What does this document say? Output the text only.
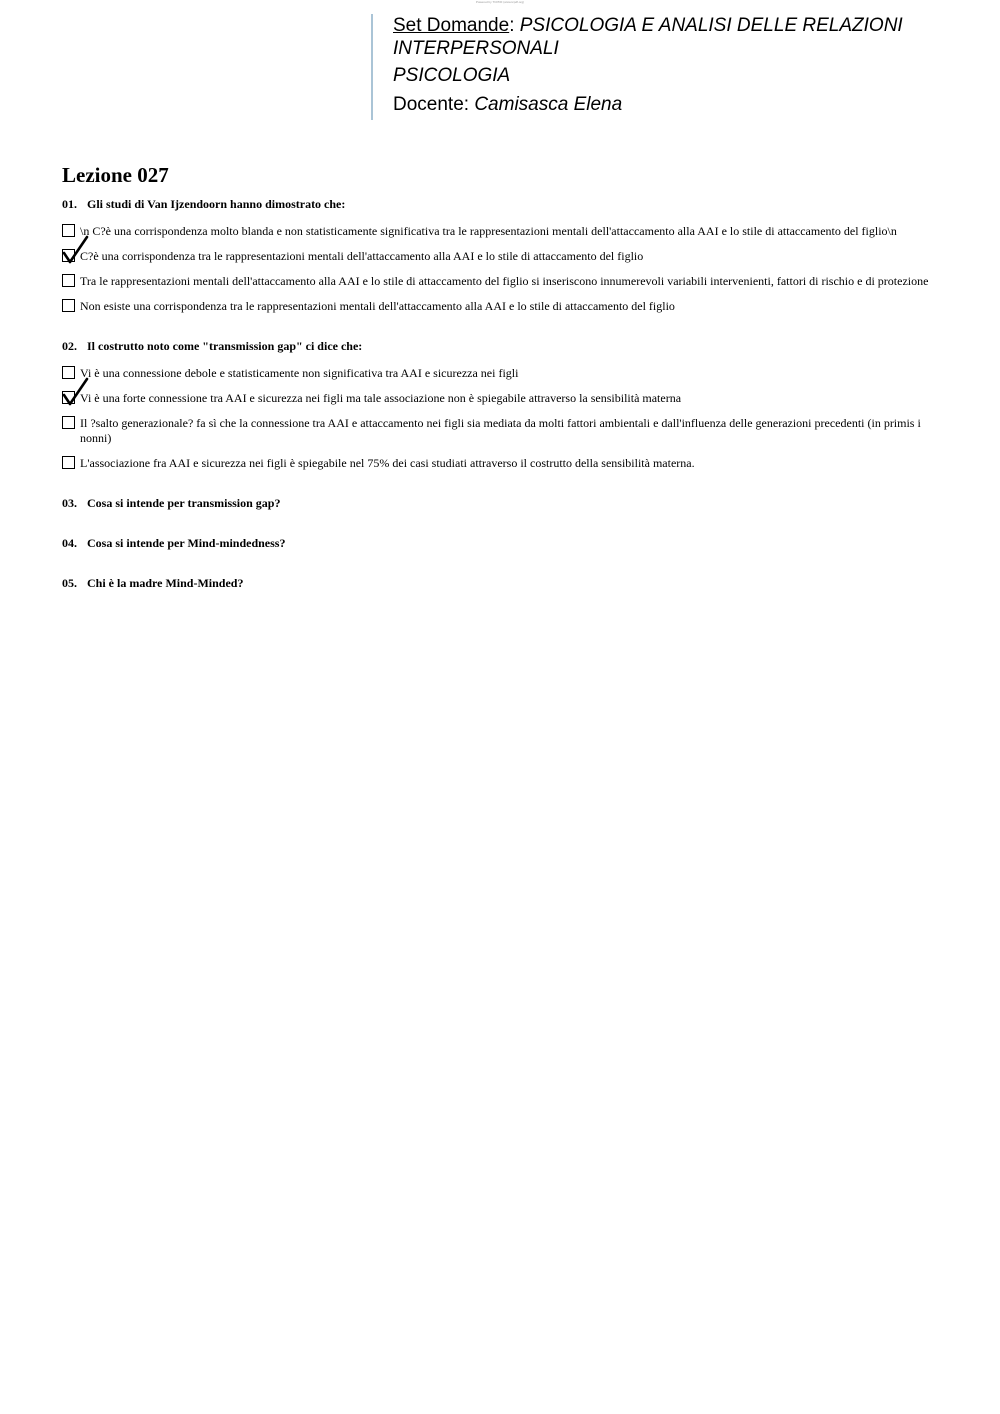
Powered by TCPDF (www.tcpdf.org)
Set Domande: PSICOLOGIA E ANALISI DELLE RELAZIONI INTERPERSONALI
PSICOLOGIA
Docente: Camisasca Elena
Lezione 027
01. Gli studi di Van Ijzendoorn hanno dimostrato che:
\n C?è una corrispondenza molto blanda e non statisticamente significativa tra le rappresentazioni mentali dell'attaccamento alla AAI e lo stile di attaccamento del figlio\n
C?è una corrispondenza tra le rappresentazioni mentali dell'attaccamento alla AAI e lo stile di attaccamento del figlio
Tra le rappresentazioni mentali dell'attaccamento alla AAI e lo stile di attaccamento del figlio si inseriscono innumerevoli variabili intervenienti, fattori di rischio e di protezione
Non esiste una corrispondenza tra le rappresentazioni mentali dell'attaccamento alla AAI e lo stile di attaccamento del figlio
02. Il costrutto noto come "transmission gap" ci dice che:
Vi è una connessione debole e statisticamente non significativa tra AAI e sicurezza nei figli
Vi è una forte connessione tra AAI e sicurezza nei figli ma tale associazione non è spiegabile attraverso la sensibilità materna
Il ?salto generazionale? fa sì che la connessione tra AAI e attaccamento nei figli sia mediata da molti fattori ambientali e dall'influenza delle generazioni precedenti (in primis i nonni)
L'associazione fra AAI e sicurezza nei figli è spiegabile nel 75% dei casi studiati attraverso il costrutto della sensibilità materna.
03. Cosa si intende per transmission gap?
04. Cosa si intende per Mind-mindedness?
05. Chi è la madre Mind-Minded?
